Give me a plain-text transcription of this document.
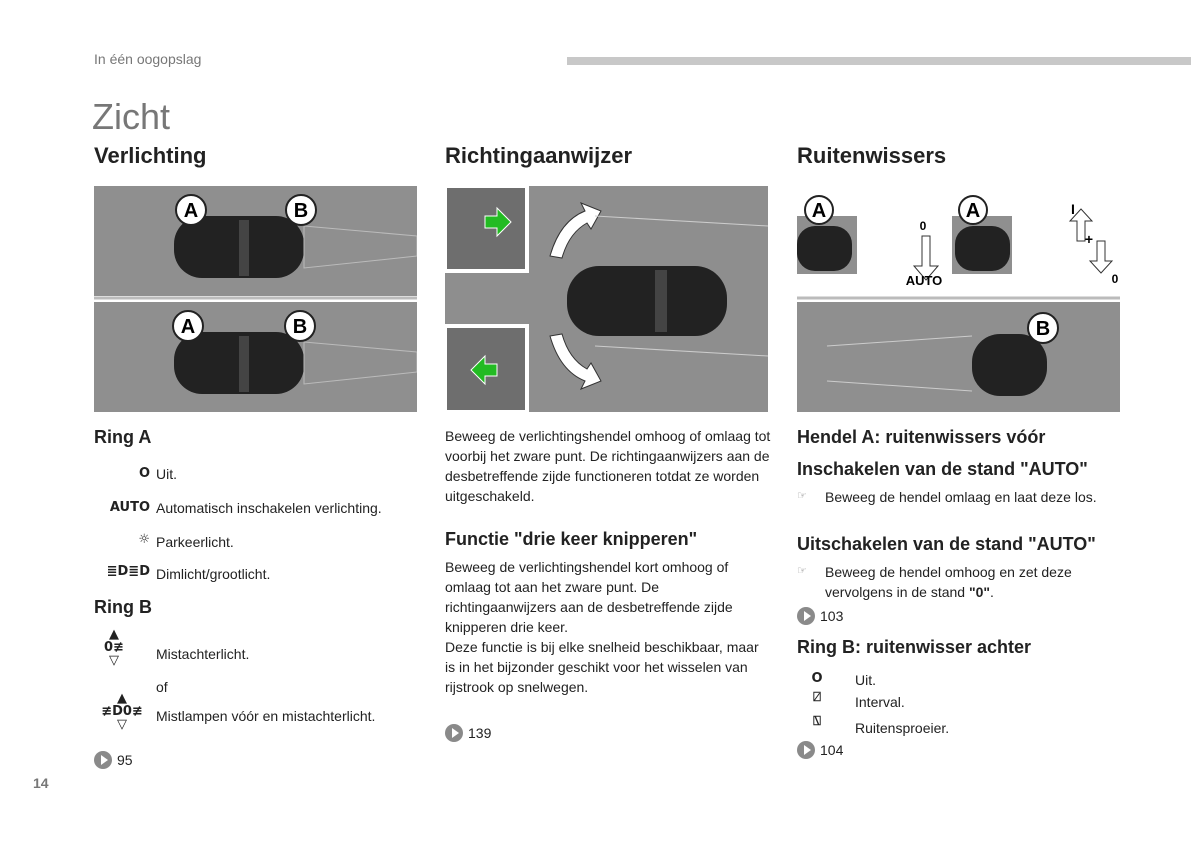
In één oogopslag
Zicht
Verlichting
A	B
A	B
Ring A
O Uit.
AUTO Automatisch inschakelen verlichting.
☼ Parkeerlicht.
≣D≣D Dimlicht/grootlicht.
Ring B
▲
0≢
▽	Mistachterlicht.
of
▲
≢D0≢
▽
Mistlampen vóór en mistachterlicht.
95
Richtingaanwijzer
Beweeg de verlichtingshendel omhoog of omlaag tot voorbij het zware punt. De richtingaanwijzers aan de desbetreffende zijde functioneren totdat ze worden uitgeschakeld.
Functie "drie keer knipperen"
Beweeg de verlichtingshendel kort omhoog of omlaag tot aan het zware punt. De richtingaanwijzers aan de desbetreffende zijde knipperen drie keer.
Deze functie is bij elke snelheid beschikbaar, maar is in het bijzonder geschikt voor het wisselen van rijstrook op snelwegen.
139
Ruitenwissers
A	A
B
0
AUTO
I
+
0
Hendel A: ruitenwissers vóór
Inschakelen van de stand "AUTO"
☞ Beweeg de hendel omlaag en laat deze los.
Uitschakelen van de stand "AUTO"
☞ Beweeg de hendel omhoog en zet deze vervolgens in de stand "0".
103
Ring B: ruitenwisser achter
O	Uit.
⍁	Interval.
⍂	Ruitensproeier.
104
14
